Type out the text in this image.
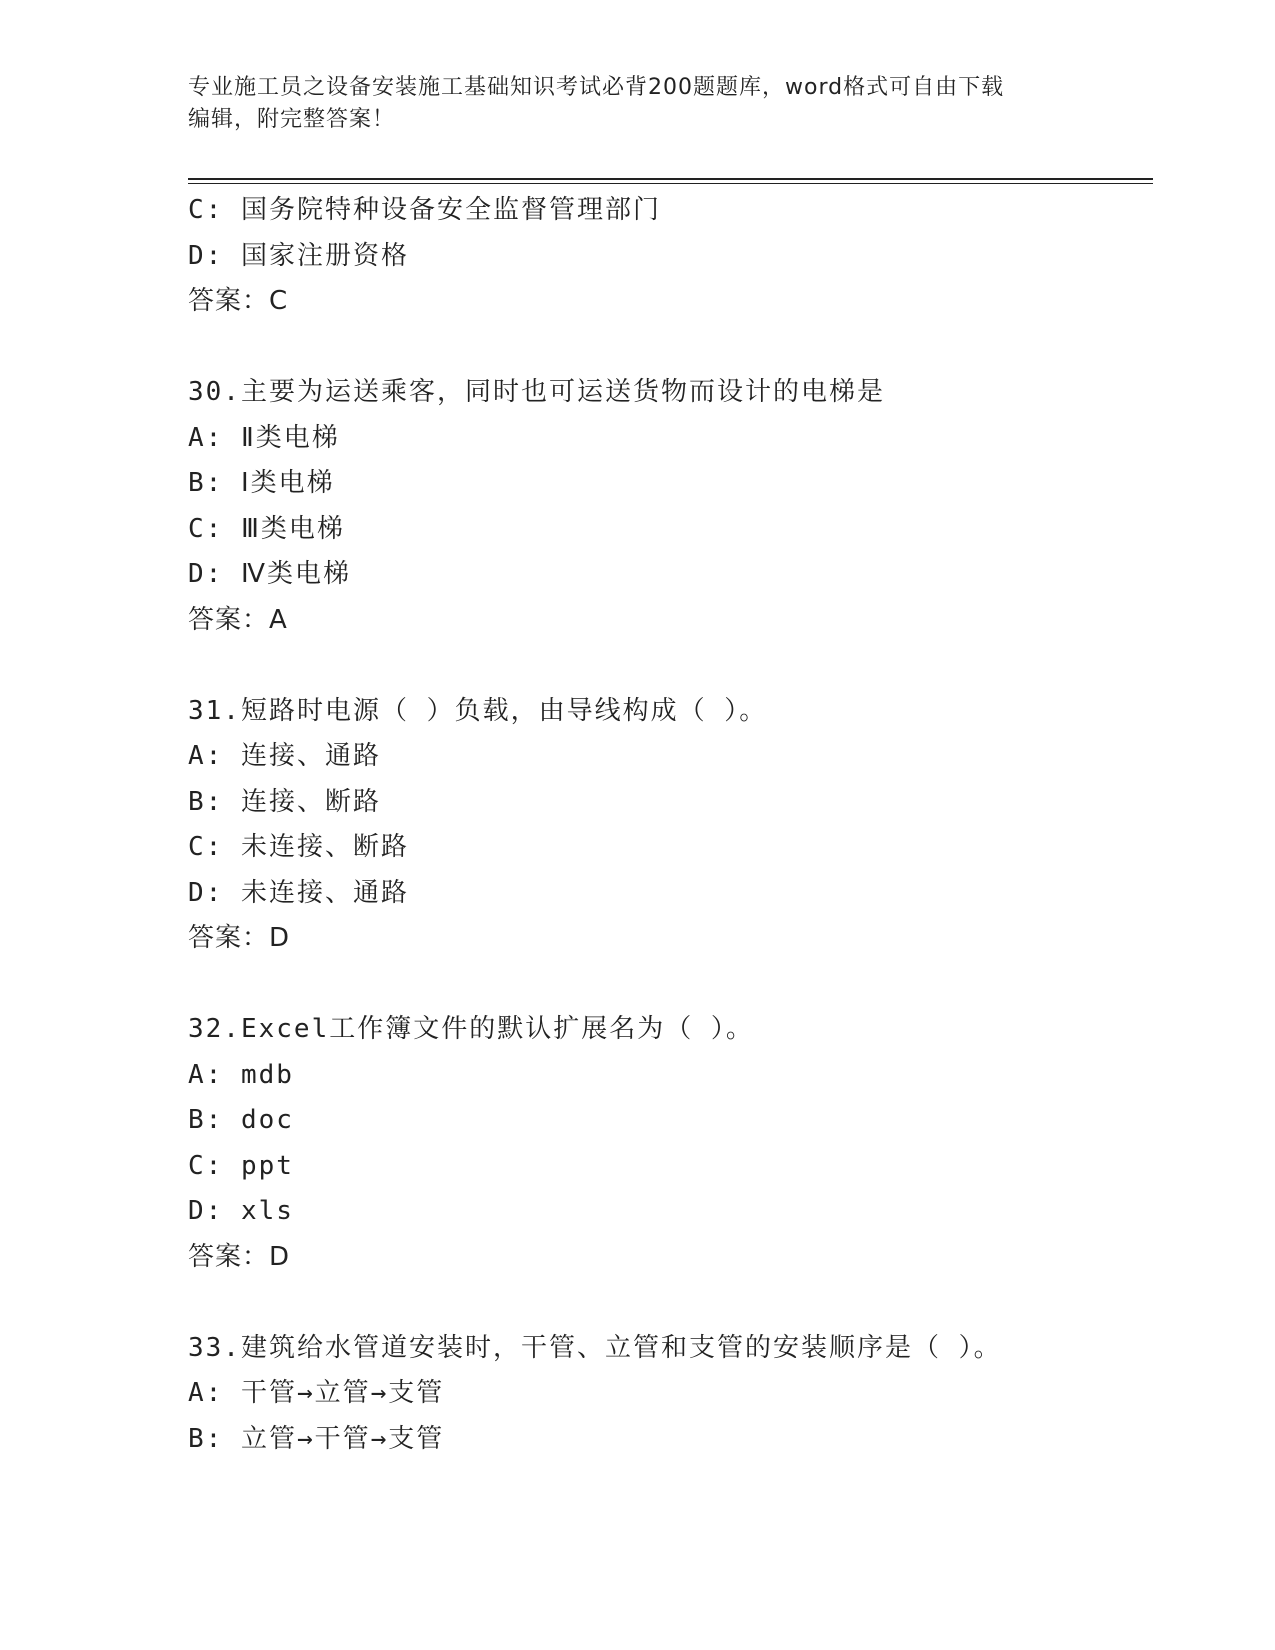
专业施工员之设备安装施工基础知识考试必背200题题库，word格式可自由下载
编辑，附完整答案！
C: 国务院特种设备安全监督管理部门
D: 国家注册资格
答案：C
30.主要为运送乘客，同时也可运送货物而设计的电梯是
A: Ⅱ类电梯
B: Ⅰ类电梯
C: Ⅲ类电梯
D: Ⅳ类电梯
答案：A
31.短路时电源（ ）负载，由导线构成（ ）。
A: 连接、通路
B: 连接、断路
C: 未连接、断路
D: 未连接、通路
答案：D
32.Excel工作簿文件的默认扩展名为（ ）。
A: mdb
B: doc
C: ppt
D: xls
答案：D
33.建筑给水管道安装时，干管、立管和支管的安装顺序是（ ）。
A: 干管→立管→支管
B: 立管→干管→支管
